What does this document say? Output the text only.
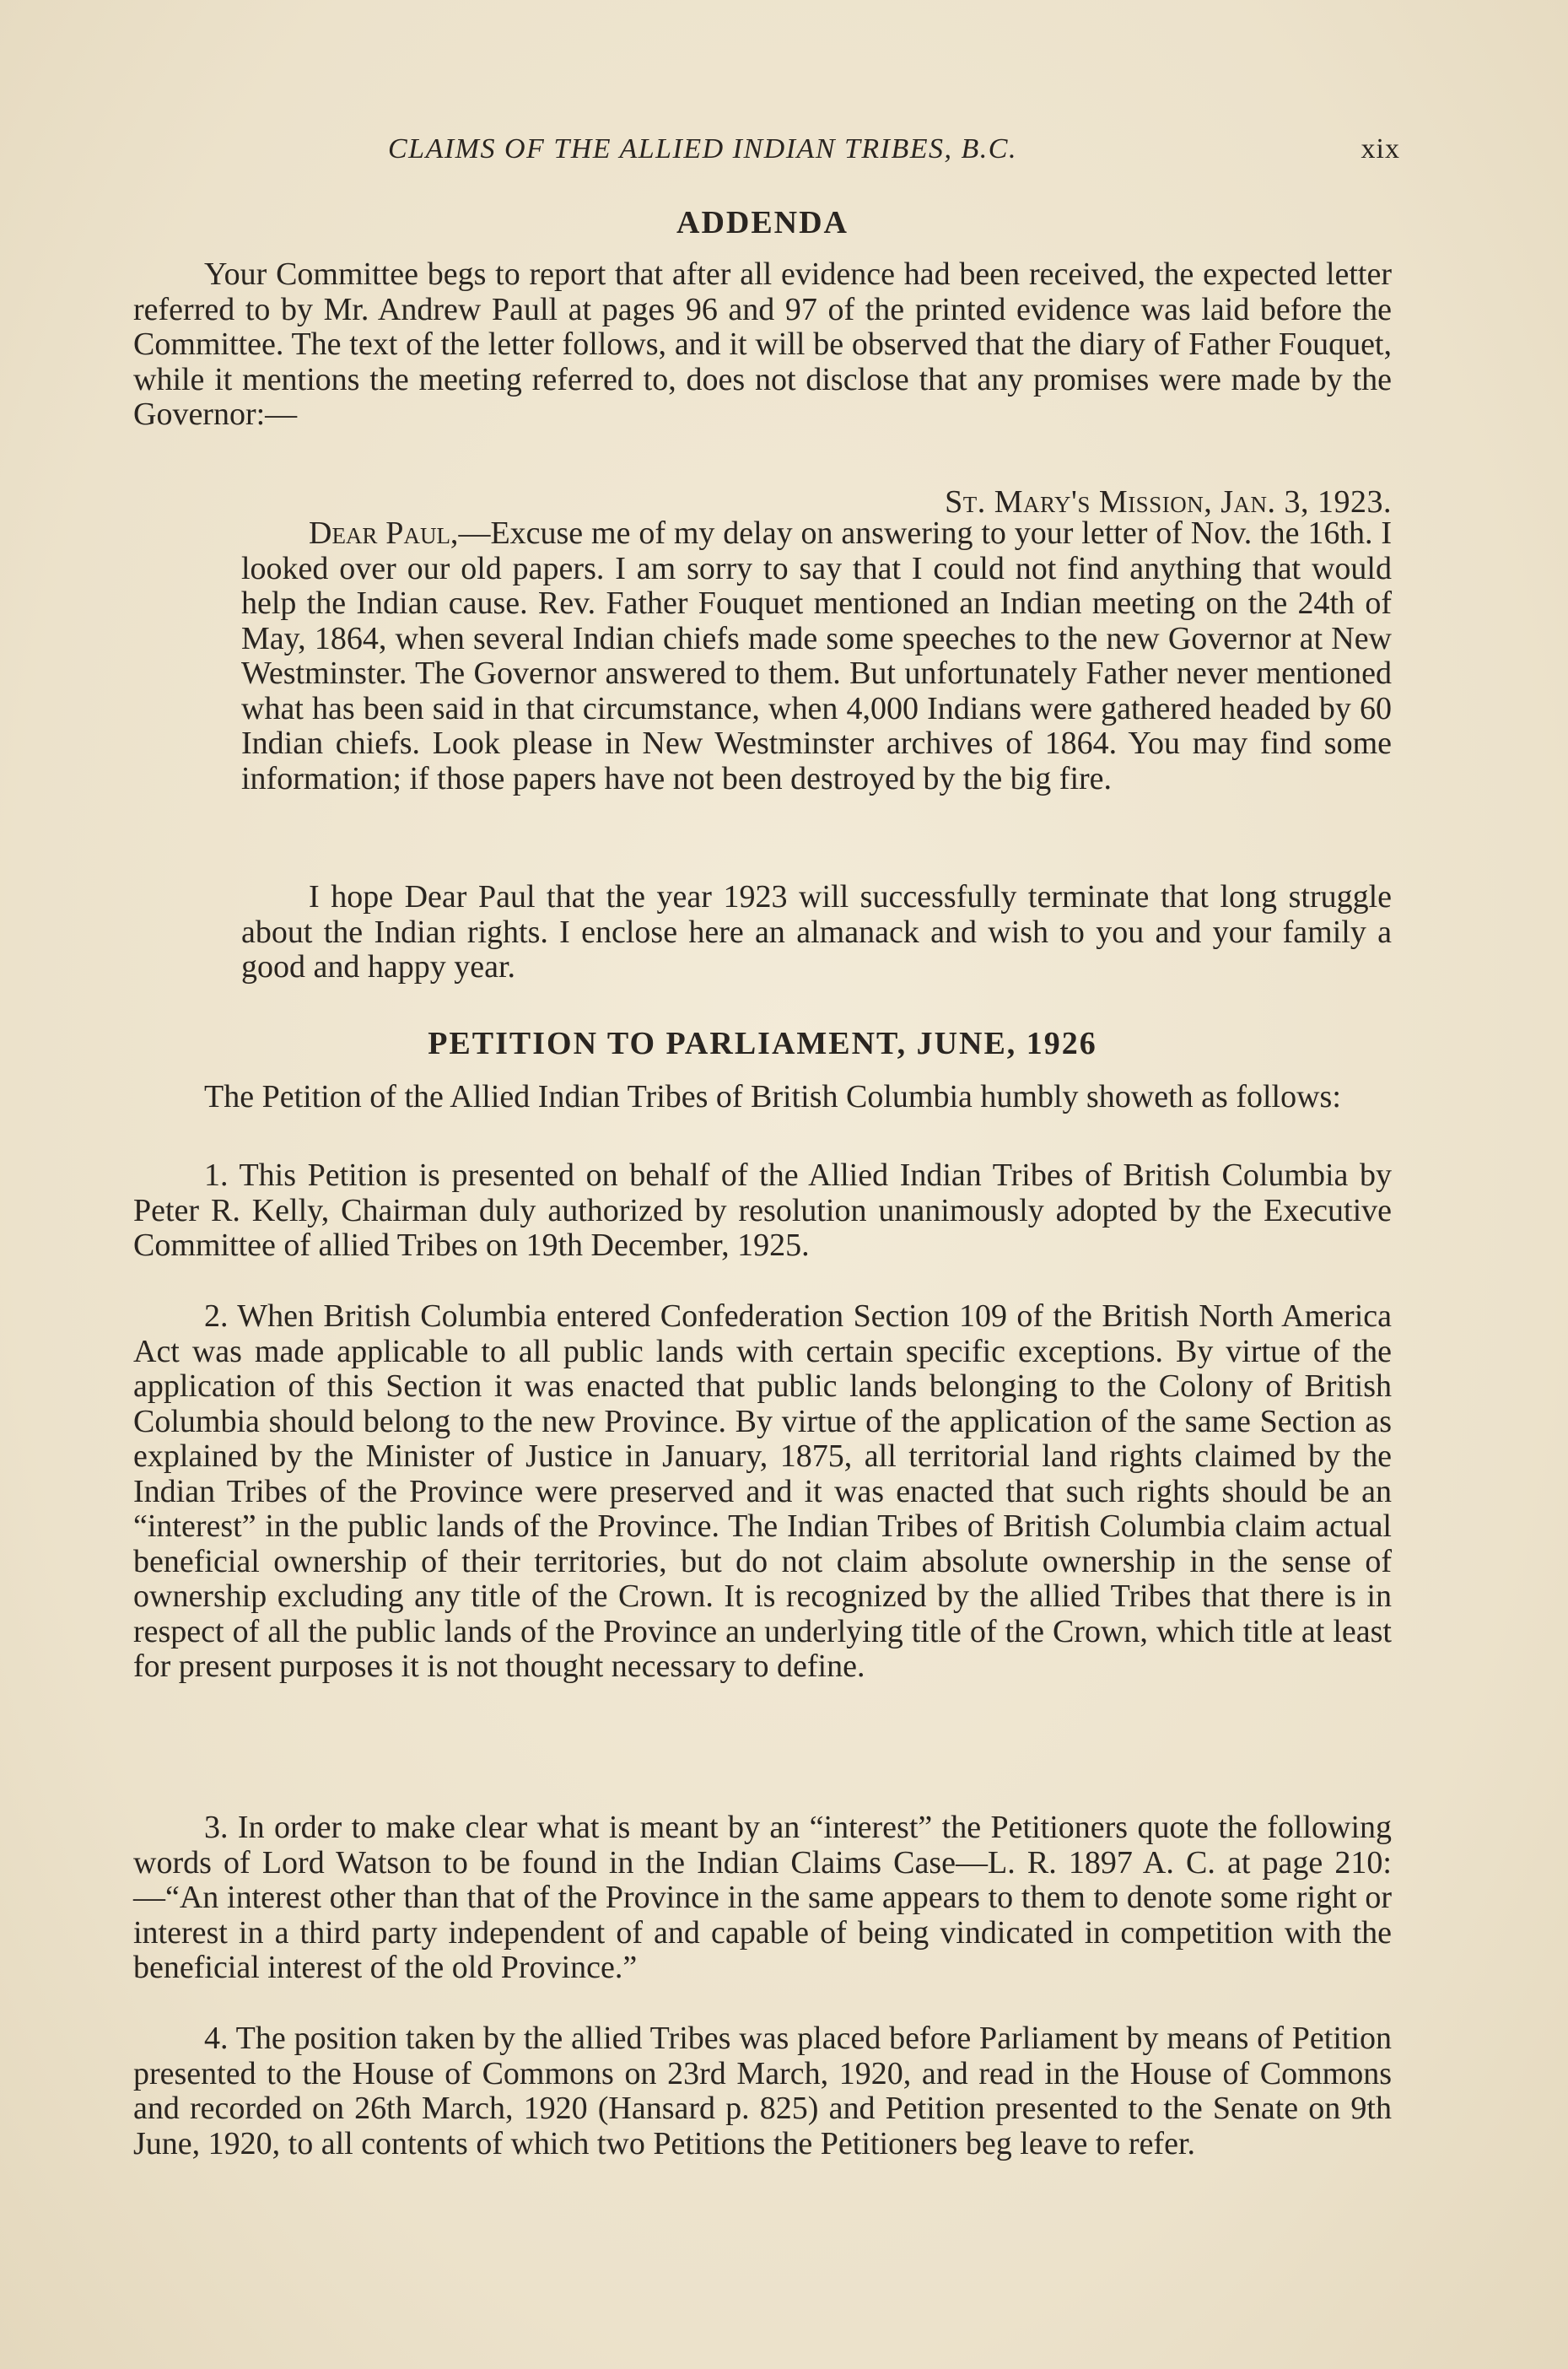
CLAIMS OF THE ALLIED INDIAN TRIBES, B.C.	xix
ADDENDA

Your Committee begs to report that after all evidence had been received, the expected letter referred to by Mr. Andrew Paull at pages 96 and 97 of the printed evidence was laid before the Committee. The text of the letter follows, and it will be observed that the diary of Father Fouquet, while it mentions the meeting referred to, does not disclose that any promises were made by the Governor:—

St. Mary's Mission, Jan. 3, 1923.

Dear Paul,—Excuse me of my delay on answering to your letter of Nov. the 16th. I looked over our old papers. I am sorry to say that I could not find anything that would help the Indian cause. Rev. Father Fouquet mentioned an Indian meeting on the 24th of May, 1864, when several Indian chiefs made some speeches to the new Governor at New Westminster. The Governor answered to them. But unfortunately Father never mentioned what has been said in that circumstance, when 4,000 Indians were gathered headed by 60 Indian chiefs. Look please in New Westminster archives of 1864. You may find some information; if those papers have not been destroyed by the big fire.

I hope Dear Paul that the year 1923 will successfully terminate that long struggle about the Indian rights. I enclose here an almanack and wish to you and your family a good and happy year.

PETITION TO PARLIAMENT, JUNE, 1926

The Petition of the Allied Indian Tribes of British Columbia humbly showeth as follows:

1. This Petition is presented on behalf of the Allied Indian Tribes of British Columbia by Peter R. Kelly, Chairman duly authorized by resolution unanimously adopted by the Executive Committee of allied Tribes on 19th December, 1925.

2. When British Columbia entered Confederation Section 109 of the British North America Act was made applicable to all public lands with certain specific exceptions. By virtue of the application of this Section it was enacted that public lands belonging to the Colony of British Columbia should belong to the new Province. By virtue of the application of the same Section as explained by the Minister of Justice in January, 1875, all territorial land rights claimed by the Indian Tribes of the Province were preserved and it was enacted that such rights should be an “interest” in the public lands of the Province. The Indian Tribes of British Columbia claim actual beneficial ownership of their territories, but do not claim absolute ownership in the sense of ownership excluding any title of the Crown. It is recognized by the allied Tribes that there is in respect of all the public lands of the Province an underlying title of the Crown, which title at least for present purposes it is not thought necessary to define.

3. In order to make clear what is meant by an “interest” the Petitioners quote the following words of Lord Watson to be found in the Indian Claims Case—L. R. 1897 A. C. at page 210:—“An interest other than that of the Province in the same appears to them to denote some right or interest in a third party independent of and capable of being vindicated in competition with the beneficial interest of the old Province.”

4. The position taken by the allied Tribes was placed before Parliament by means of Petition presented to the House of Commons on 23rd March, 1920, and read in the House of Commons and recorded on 26th March, 1920 (Hansard p. 825) and Petition presented to the Senate on 9th June, 1920, to all contents of which two Petitions the Petitioners beg leave to refer.
